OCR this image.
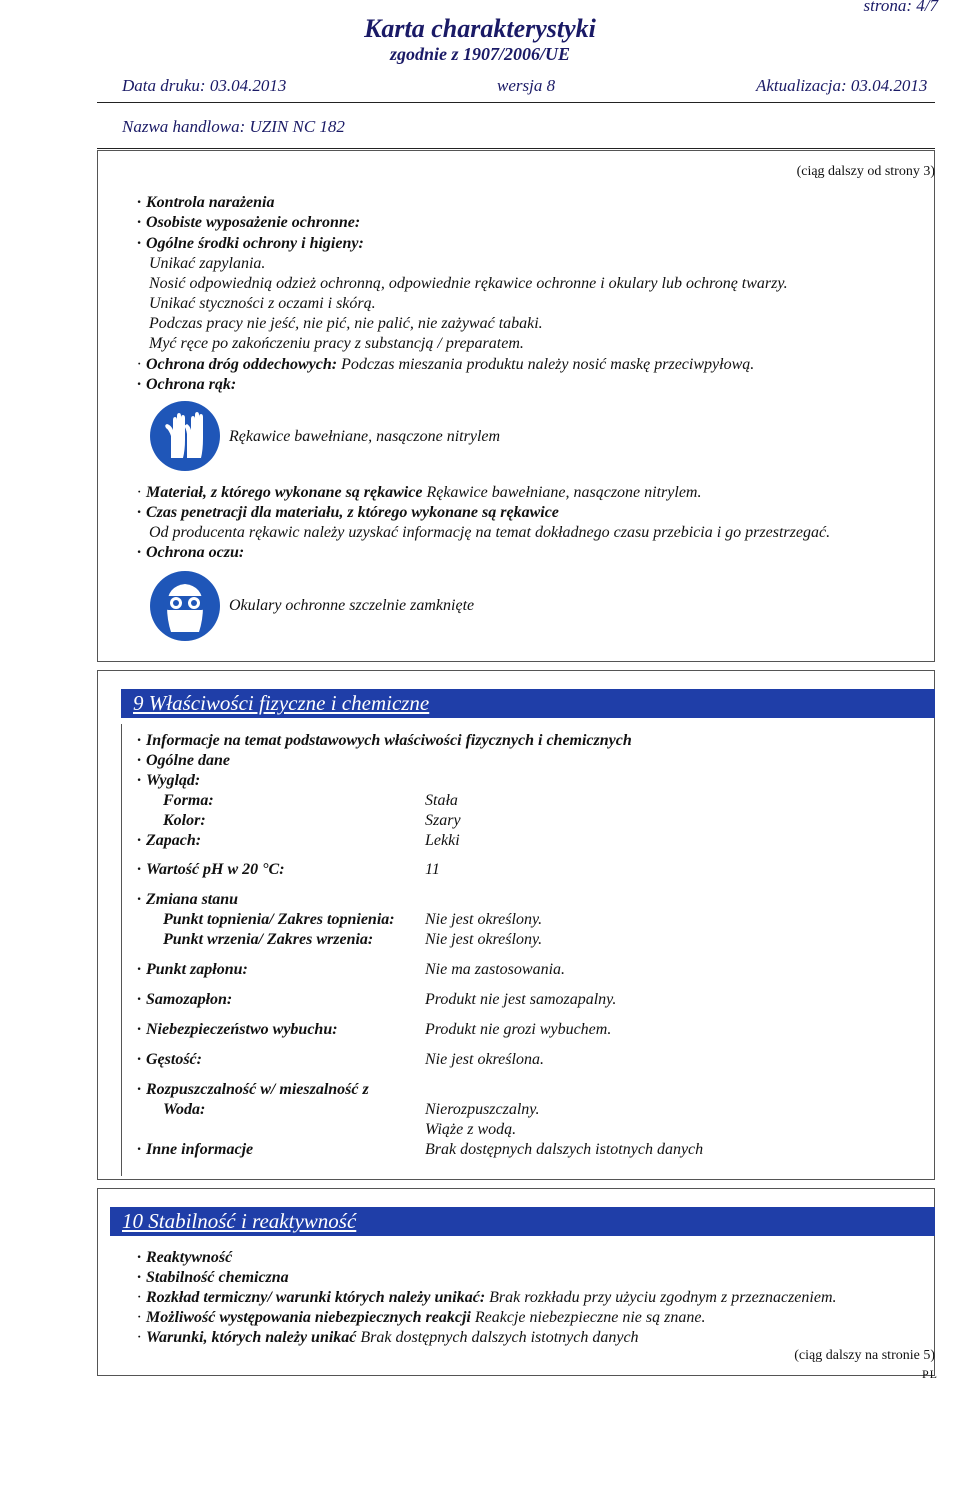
strona: 4/7
Karta charakterystyki
zgodnie z 1907/2006/UE
Data druku: 03.04.2013	wersja 8	Aktualizacja: 03.04.2013
Nazwa handlowa: UZIN NC 182
(ciąg dalszy od strony 3)
· Kontrola narażenia
· Osobiste wyposażenie ochronne:
· Ogólne środki ochrony i higieny:
Unikać zapylania.
Nosić odpowiednią odzież ochronną, odpowiednie rękawice ochronne i okulary lub ochronę twarzy.
Unikać styczności z oczami i skórą.
Podczas pracy nie jeść, nie pić, nie palić, nie zażywać tabaki.
Myć ręce po zakończeniu pracy z substancją / preparatem.
· Ochrona dróg oddechowych: Podczas mieszania produktu należy nosić maskę przeciwpyłową.
· Ochrona rąk:
Rękawice bawełniane, nasączone nitrylem
· Materiał, z którego wykonane są rękawice Rękawice bawełniane, nasączone nitrylem.
· Czas penetracji dla materiału, z którego wykonane są rękawice
Od producenta rękawic należy uzyskać informację na temat dokładnego czasu przebicia i go przestrzegać.
· Ochrona oczu:
Okulary ochronne szczelnie zamknięte
9 Właściwości fizyczne i chemiczne
· Informacje na temat podstawowych właściwości fizycznych i chemicznych
· Ogólne dane
· Wygląd:
Forma:	Stała
Kolor:	Szary
· Zapach:	Lekki
· Wartość pH w 20 °C:	11
· Zmiana stanu
Punkt topnienia/ Zakres topnienia: Nie jest określony.
Punkt wrzenia/ Zakres wrzenia:	Nie jest określony.
· Punkt zapłonu:	Nie ma zastosowania.
· Samozapłon:	Produkt nie jest samozapalny.
· Niebezpieczeństwo wybuchu:	Produkt nie grozi wybuchem.
· Gęstość:	Nie jest określona.
· Rozpuszczalność w/ mieszalność z
Woda:	Nierozpuszczalny.
Wiąże z wodą.
· Inne informacje	Brak dostępnych dalszych istotnych danych
10 Stabilność i reaktywność
· Reaktywność
· Stabilność chemiczna
· Rozkład termiczny/ warunki których należy unikać: Brak rozkładu przy użyciu zgodnym z przeznaczeniem.
· Możliwość występowania niebezpiecznych reakcji Reakcje niebezpieczne nie są znane.
· Warunki, których należy unikać Brak dostępnych dalszych istotnych danych
(ciąg dalszy na stronie 5)
PL
